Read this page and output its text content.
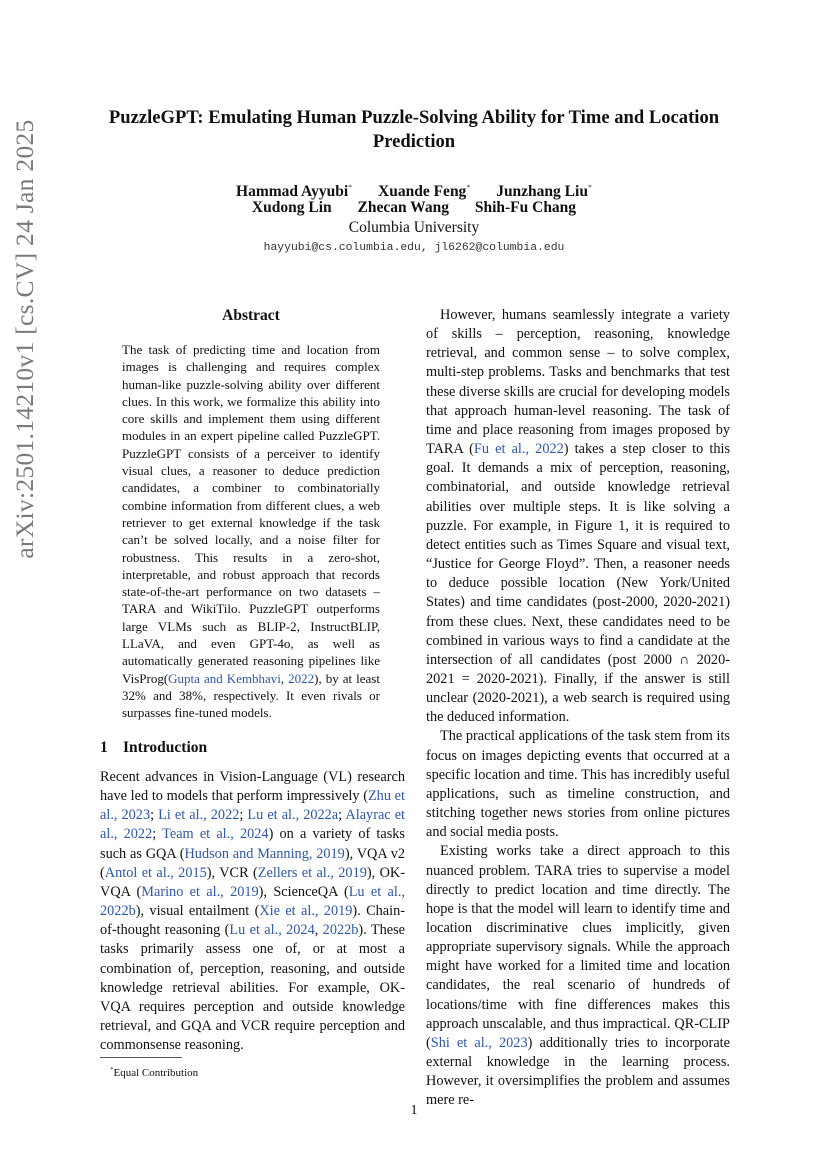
PuzzleGPT: Emulating Human Puzzle-Solving Ability for Time and Location Prediction
Hammad Ayyubi* Xuande Feng* Junzhang Liu*
Xudong Lin Zhecan Wang Shih-Fu Chang
Columbia University
hayyubi@cs.columbia.edu, jl6262@columbia.edu
arXiv:2501.14210v1 [cs.CV] 24 Jan 2025	Abstract
The task of predicting time and location from images is challenging and requires complex human-like puzzle-solving ability over different clues. In this work, we formalize this ability into core skills and implement them using different modules in an expert pipeline called PuzzleGPT. PuzzleGPT consists of a perceiver to identify visual clues, a reasoner to deduce prediction candidates, a combiner to combinatorially combine information from different clues, a web retriever to get external knowledge if the task can’t be solved locally, and a noise filter for robustness. This results in a zero-shot, interpretable, and robust approach that records state-of-the-art performance on two datasets – TARA and WikiTilo. PuzzleGPT outperforms large VLMs such as BLIP-2, InstructBLIP, LLaVA, and even GPT-4o, as well as automatically generated reasoning pipelines like VisProg(Gupta and Kembhavi, 2022), by at least 32% and 38%, respectively. It even rivals or surpasses fine-tuned models.
1 Introduction
Recent advances in Vision-Language (VL) research have led to models that perform impressively (Zhu et al., 2023; Li et al., 2022; Lu et al., 2022a; Alayrac et al., 2022; Team et al., 2024) on a variety of tasks such as GQA (Hudson and Manning, 2019), VQA v2 (Antol et al., 2015), VCR (Zellers et al., 2019), OK-VQA (Marino et al., 2019), ScienceQA (Lu et al., 2022b), visual entailment (Xie et al., 2019). Chain-of-thought reasoning (Lu et al., 2024, 2022b). These tasks primarily assess one of, or at most a combination of, perception, reasoning, and outside knowledge retrieval abilities. For example, OK-VQA requires perception and outside knowledge retrieval, and GQA and VCR require perception and commonsense reasoning.

However, humans seamlessly integrate a variety of skills – perception, reasoning, knowledge retrieval, and common sense – to solve complex, multi-step problems. Tasks and benchmarks that test these diverse skills are crucial for developing models that approach human-level reasoning. The task of time and place reasoning from images proposed by TARA (Fu et al., 2022) takes a step closer to this goal. It demands a mix of perception, reasoning, combinatorial, and outside knowledge retrieval abilities over multiple steps. It is like solving a puzzle. For example, in Figure 1, it is required to detect entities such as Times Square and visual text, “Justice for George Floyd”. Then, a reasoner needs to deduce possible location (New York/United States) and time candidates (post-2000, 2020-2021) from these clues. Next, these candidates need to be combined in various ways to find a candidate at the intersection of all candidates (post 2000 ∩ 2020-2021 = 2020-2021). Finally, if the answer is still unclear (2020-2021), a web search is required using the deduced information.

The practical applications of the task stem from its focus on images depicting events that occurred at a specific location and time. This has incredibly useful applications, such as timeline construction, and stitching together news stories from online pictures and social media posts.

Existing works take a direct approach to this nuanced problem. TARA tries to supervise a model directly to predict location and time directly. The hope is that the model will learn to identify time and location discriminative clues implicitly, given appropriate supervisory signals. While the approach might have worked for a limited time and location candidates, the real scenario of hundreds of locations/time with fine differences makes this approach unscalable, and thus impractical. QR-CLIP (Shi et al., 2023) additionally tries to incorporate external knowledge in the learning process. However, it oversimplifies the problem and assumes mere re-

*Equal Contribution
1
